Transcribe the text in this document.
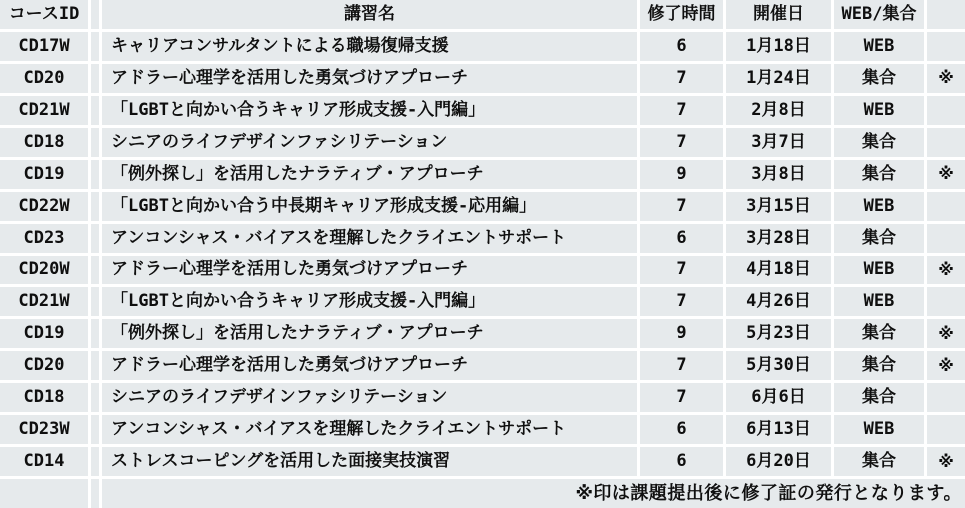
コースID	講習名	修了時間	開催日	WEB/集合
CD17W	キャリアコンサルタントによる職場復帰支援	6	1月18日	WEB
CD20	アドラー心理学を活用した勇気づけアプローチ	7	1月24日	集合	※
CD21W	「LGBTと向かい合うキャリア形成支援-入門編」	7	2月8日	WEB
CD18	シニアのライフデザインファシリテーション	7	3月7日	集合
CD19	「例外探し」を活用したナラティブ・アプローチ	9	3月8日	集合	※
CD22W	「LGBTと向かい合う中長期キャリア形成支援-応用編」	7	3月15日	WEB
CD23	アンコンシャス・バイアスを理解したクライエントサポート	6	3月28日	集合
CD20W	アドラー心理学を活用した勇気づけアプローチ	7	4月18日	WEB	※
CD21W	「LGBTと向かい合うキャリア形成支援-入門編」	7	4月26日	WEB
CD19	「例外探し」を活用したナラティブ・アプローチ	9	5月23日	集合	※
CD20	アドラー心理学を活用した勇気づけアプローチ	7	5月30日	集合	※
CD18	シニアのライフデザインファシリテーション	7	6月6日	集合
CD23W	アンコンシャス・バイアスを理解したクライエントサポート	6	6月13日	WEB
CD14	ストレスコーピングを活用した面接実技演習	6	6月20日	集合	※
※印は課題提出後に修了証の発行となります。
